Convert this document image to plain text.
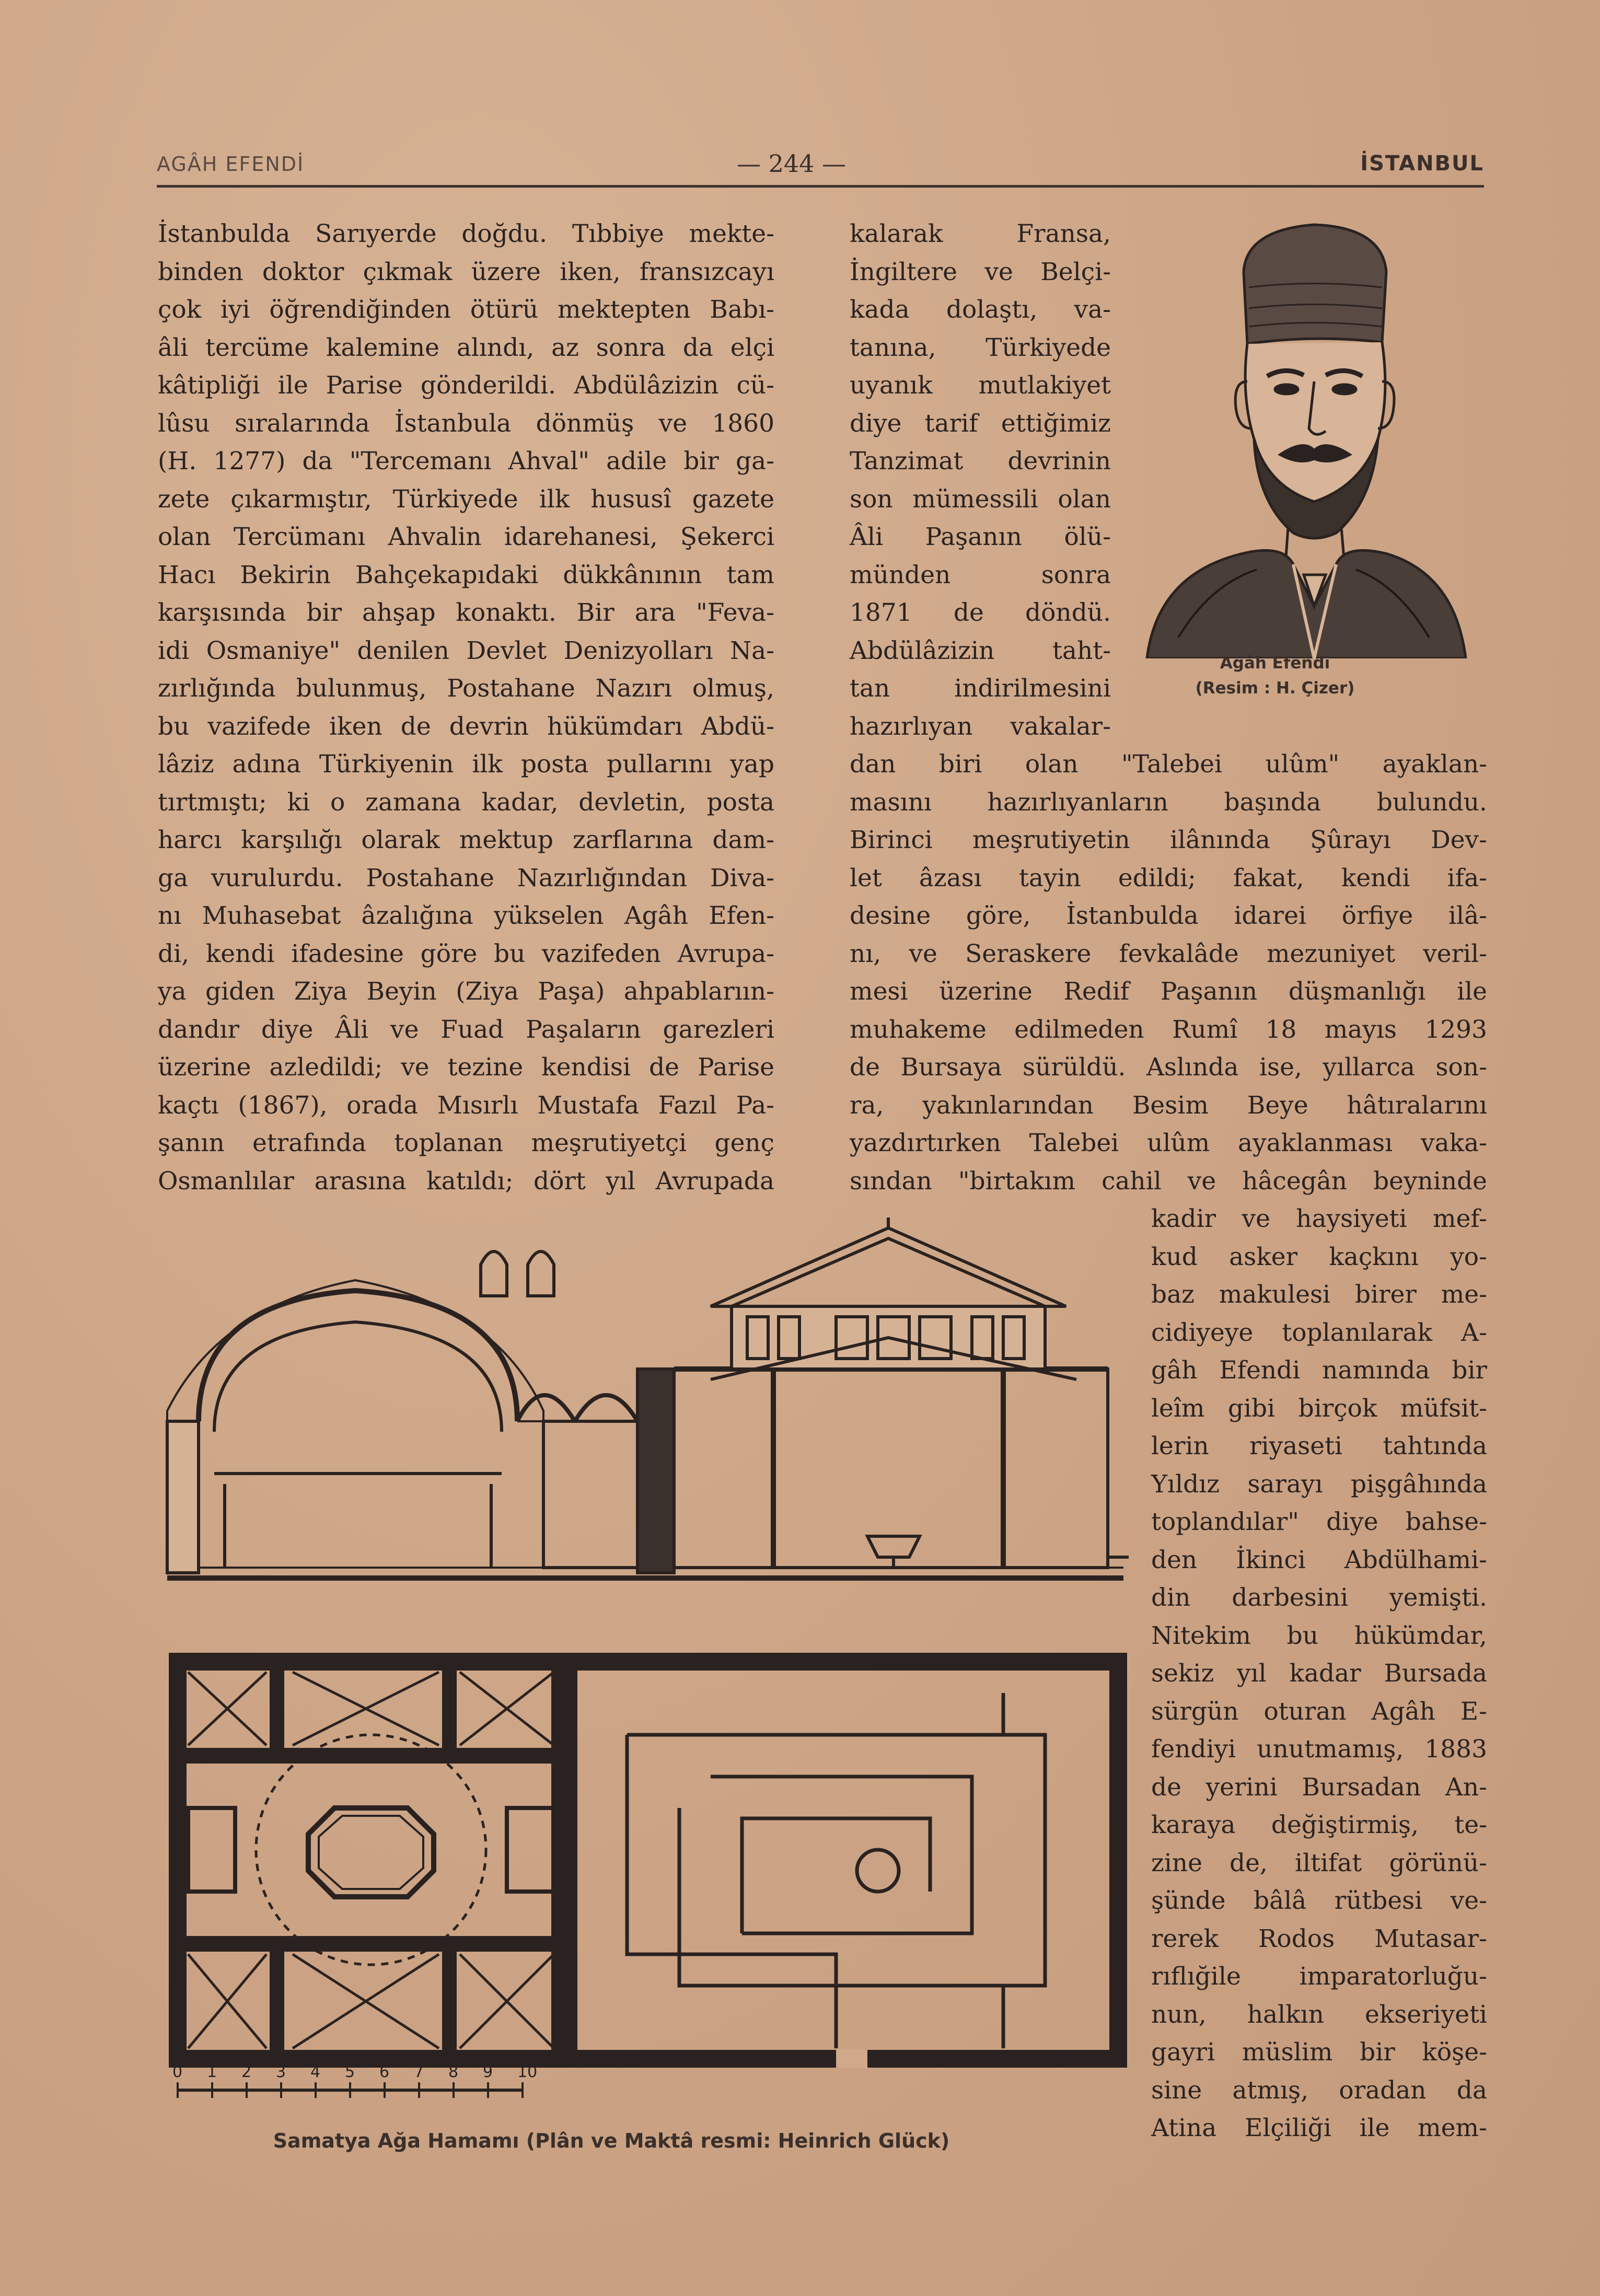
AGÂH EFENDİ	— 244 —	İSTANBUL
İstanbulda Sarıyerde doğdu. Tıbbiye mekte-
binden doktor çıkmak üzere iken, fransızcayı
çok iyi öğrendiğinden ötürü mektepten Babı-
âli tercüme kalemine alındı, az sonra da elçi
kâtipliği ile Parise gönderildi. Abdülâzizin cü-
lûsu sıralarında İstanbula dönmüş ve 1860
(H. 1277) da "Tercemanı Ahval" adile bir ga-
zete çıkarmıştır, Türkiyede ilk hususî gazete
olan Tercümanı Ahvalin idarehanesi, Şekerci
Hacı Bekirin Bahçekapıdaki dükkânının tam
karşısında bir ahşap konaktı. Bir ara "Feva-
idi Osmaniye" denilen Devlet Denizyolları Na-
zırlığında bulunmuş, Postahane Nazırı olmuş,
bu vazifede iken de devrin hükümdarı Abdü-
lâziz adına Türkiyenin ilk posta pullarını yap
tırtmıştı; ki o zamana kadar, devletin, posta
harcı karşılığı olarak mektup zarflarına dam-
ga vurulurdu. Postahane Nazırlığından Diva-
nı Muhasebat âzalığına yükselen Agâh Efen-
di, kendi ifadesine göre bu vazifeden Avrupa-
ya giden Ziya Beyin (Ziya Paşa) ahpablarıın-
dandır diye Âli ve Fuad Paşaların garezleri
üzerine azledildi; ve tezine kendisi de Parise
kaçtı (1867), orada Mısırlı Mustafa Fazıl Pa-
şanın etrafında toplanan meşrutiyetçi genç
Osmanlılar arasına katıldı; dört yıl Avrupada
kalarak Fransa,
İngiltere ve Belçi-
kada dolaştı, va-
tanına, Türkiyede
uyanık mutlakiyet
diye tarif ettiğimiz
Tanzimat devrinin
son mümessili olan
Âli Paşanın ölü-
münden sonra
1871 de döndü.
Abdülâzizin taht-
tan indirilmesini
hazırlıyan vakalar-
Agâh Efendi
(Resim : H. Çizer)
dan biri olan "Talebei ulûm" ayaklan-
masını hazırlıyanların başında bulundu.
Birinci meşrutiyetin ilânında Şûrayı Dev-
let âzası tayin edildi; fakat, kendi ifa-
desine göre, İstanbulda idarei örfiye ilâ-
nı, ve Seraskere fevkalâde mezuniyet veril-
mesi üzerine Redif Paşanın düşmanlığı ile
muhakeme edilmeden Rumî 18 mayıs 1293
de Bursaya sürüldü. Aslında ise, yıllarca son-
ra, yakınlarından Besim Beye hâtıralarını
yazdırtırken Talebei ulûm ayaklanması vaka-
sından "birtakım cahil ve hâcegân beyninde
kadir ve haysiyeti mef-
kud asker kaçkını yo-
baz makulesi birer me-
cidiyeye toplanılarak A-
gâh Efendi namında bir
leîm gibi birçok müfsit-
lerin riyaseti tahtında
Yıldız sarayı pişgâhında
toplandılar" diye bahse-
den İkinci Abdülhami-
din darbesini yemişti.
Nitekim bu hükümdar,
sekiz yıl kadar Bursada
sürgün oturan Agâh E-
fendiyi unutmamış, 1883
de yerini Bursadan An-
karaya değiştirmiş, te-
zine de, iltifat görünü-
şünde bâlâ rütbesi ve-
rerek Rodos Mutasar-
rıflığile imparatorluğu-
nun, halkın ekseriyeti
gayri müslim bir köşe-
sine atmış, oradan da
Atina Elçiliği ile mem-
0 1 2 3 4 5 6 7 8 9 10
Samatya Ağa Hamamı (Plân ve Maktâ resmi: Heinrich Glück)
